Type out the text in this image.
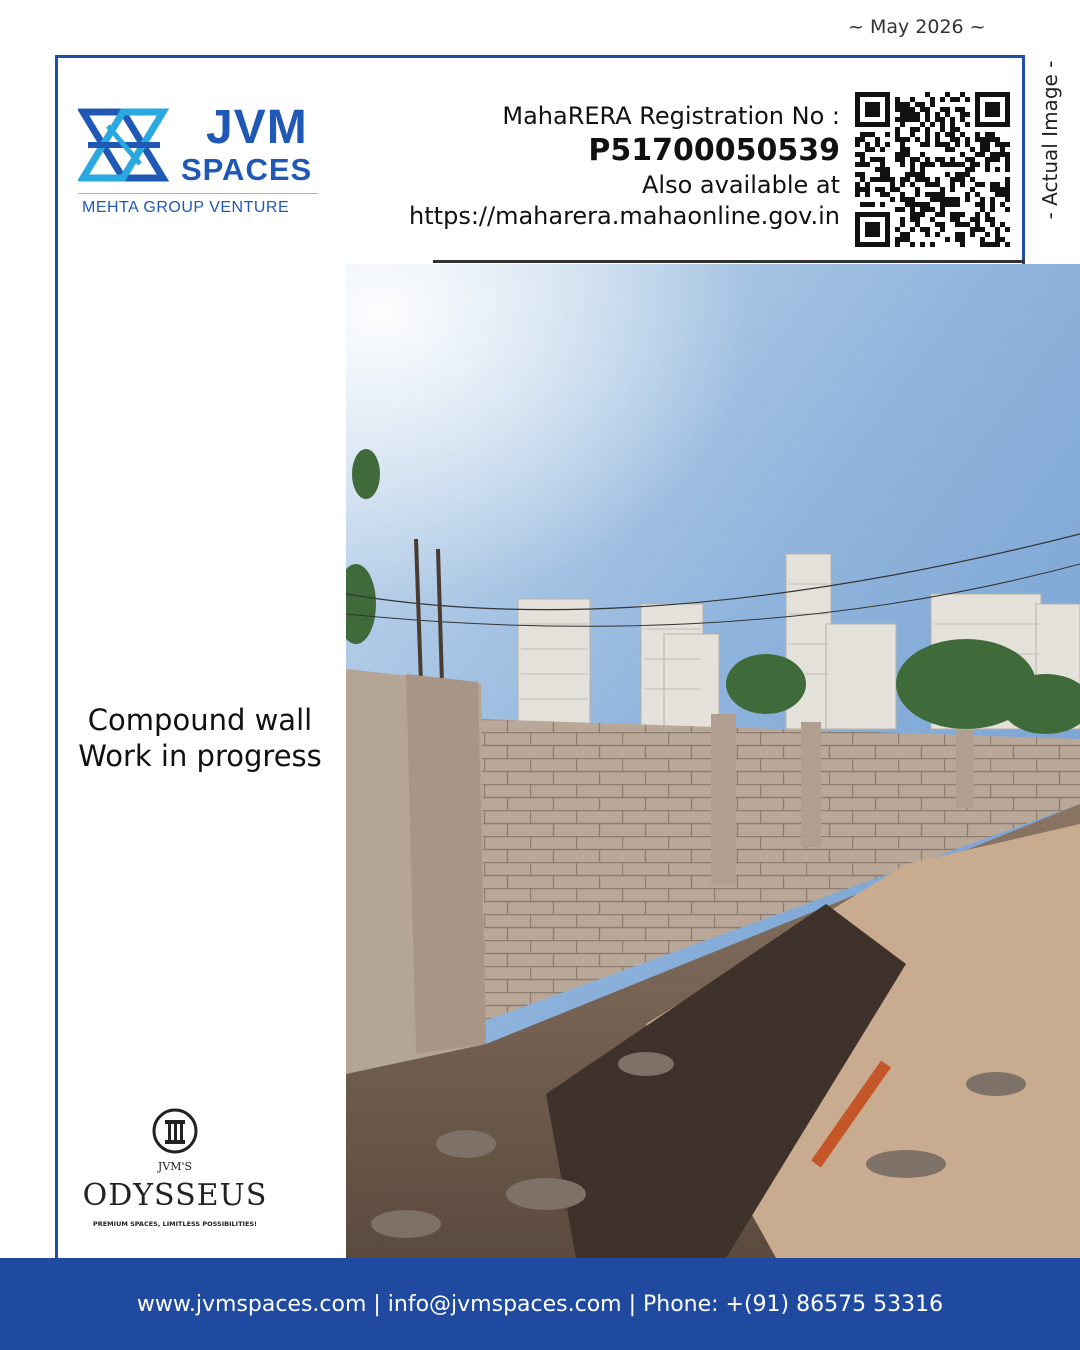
~ May 2026 ~
- Actual Image -
JVM
SPACES
MEHTA GROUP VENTURE
MahaRERA Registration No :
P51700050539
Also available at
https://maharera.mahaonline.gov.in
Compound wall
Work in progress
JVM'S
ODYSSEUS
PREMIUM SPACES, LIMITLESS POSSIBILITIES!
www.jvmspaces.com | info@jvmspaces.com | Phone: +(91) 86575 53316
